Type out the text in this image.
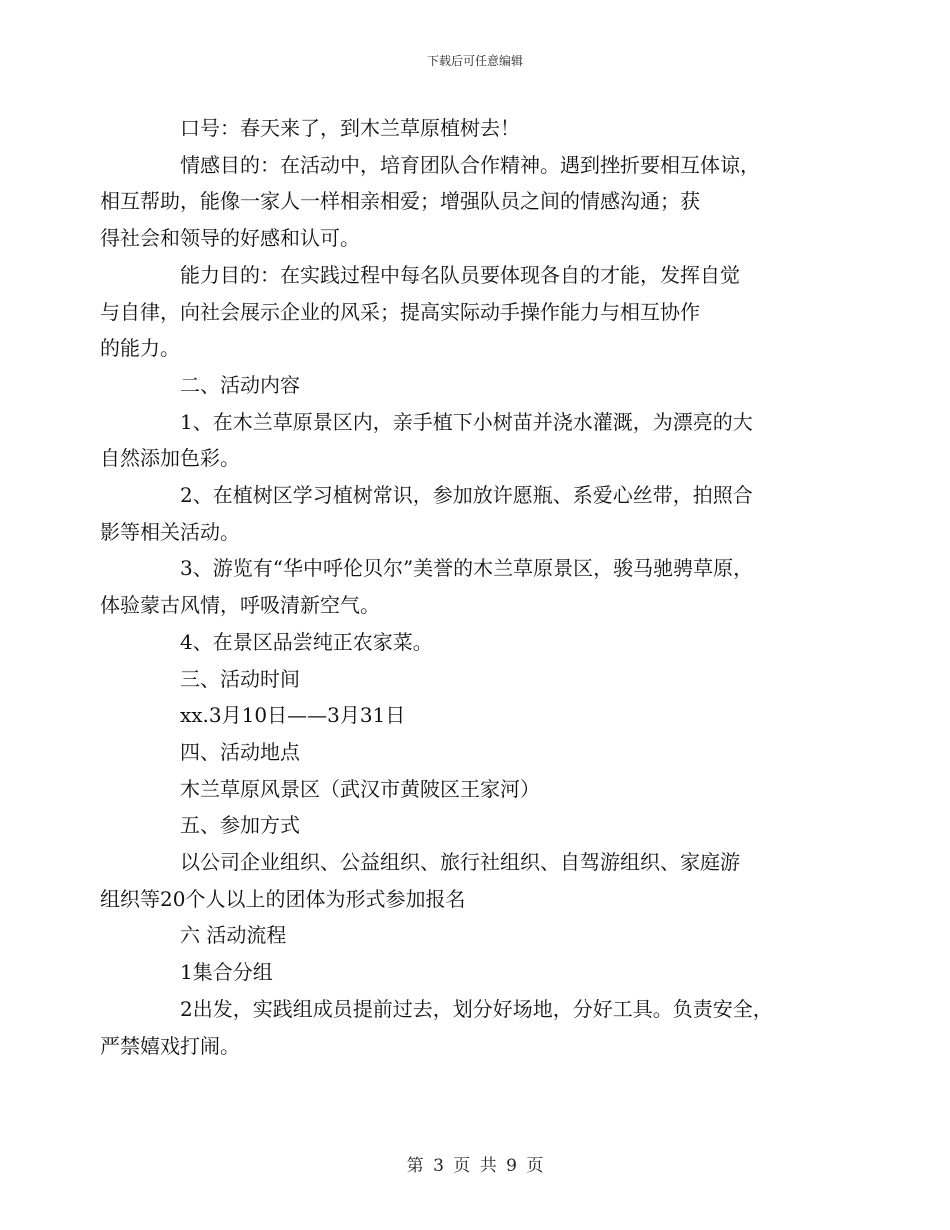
下载后可任意编辑

口号：春天来了，到木兰草原植树去！

情感目的：在活动中，培育团队合作精神。遇到挫折要相互体谅，
相互帮助，能像一家人一样相亲相爱；增强队员之间的情感沟通；获
得社会和领导的好感和认可。

能力目的：在实践过程中每名队员要体现各自的才能，发挥自觉
与自律，向社会展示企业的风采；提高实际动手操作能力与相互协作
的能力。

二、活动内容

1、在木兰草原景区内，亲手植下小树苗并浇水灌溉，为漂亮的大
自然添加色彩。

2、在植树区学习植树常识，参加放许愿瓶、系爱心丝带，拍照合
影等相关活动。

3、游览有“华中呼伦贝尔”美誉的木兰草原景区，骏马驰骋草原，
体验蒙古风情，呼吸清新空气。

4、在景区品尝纯正农家菜。

三、活动时间

xx.3月10日——3月31日

四、活动地点

木兰草原风景区（武汉市黄陂区王家河）

五、参加方式

以公司企业组织、公益组织、旅行社组织、自驾游组织、家庭游
组织等20个人以上的团体为形式参加报名

六 活动流程

1集合分组

2出发，实践组成员提前过去，划分好场地，分好工具。负责安全，
严禁嬉戏打闹。

第 3 页 共 9 页
